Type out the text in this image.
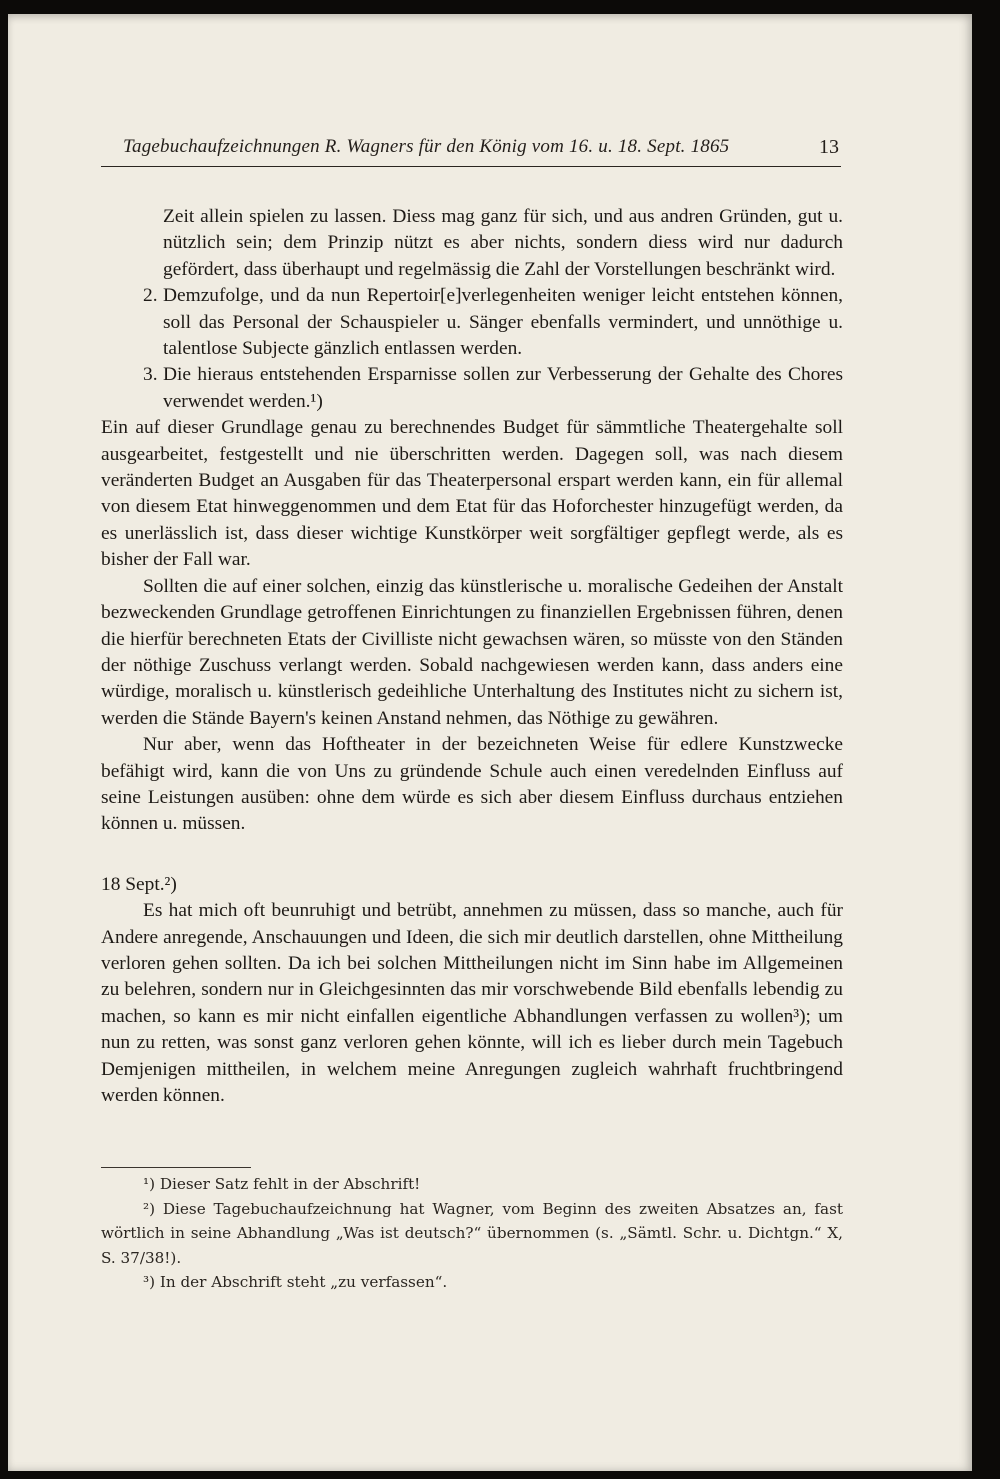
Tagebuchaufzeichnungen R. Wagners für den König vom 16. u. 18. Sept. 1865	13

Zeit allein spielen zu lassen. Diess mag ganz für sich, und aus andren Gründen, gut u. nützlich sein; dem Prinzip nützt es aber nichts, sondern diess wird nur dadurch gefördert, dass überhaupt und regelmässig die Zahl der Vorstellungen beschränkt wird.

2. Demzufolge, und da nun Repertoir[e]verlegenheiten weniger leicht entstehen können, soll das Personal der Schauspieler u. Sänger ebenfalls vermindert, und unnöthige u. talentlose Subjecte gänzlich entlassen werden.

3. Die hieraus entstehenden Ersparnisse sollen zur Verbesserung der Gehalte des Chores verwendet werden.¹)

Ein auf dieser Grundlage genau zu berechnendes Budget für sämmtliche Theatergehalte soll ausgearbeitet, festgestellt und nie überschritten werden. Dagegen soll, was nach diesem veränderten Budget an Ausgaben für das Theaterpersonal erspart werden kann, ein für allemal von diesem Etat hinweggenommen und dem Etat für das Hoforchester hinzugefügt werden, da es unerlässlich ist, dass dieser wichtige Kunstkörper weit sorgfältiger gepflegt werde, als es bisher der Fall war.

Sollten die auf einer solchen, einzig das künstlerische u. moralische Gedeihen der Anstalt bezweckenden Grundlage getroffenen Einrichtungen zu finanziellen Ergebnissen führen, denen die hierfür berechneten Etats der Civilliste nicht gewachsen wären, so müsste von den Ständen der nöthige Zuschuss verlangt werden. Sobald nachgewiesen werden kann, dass anders eine würdige, moralisch u. künstlerisch gedeihliche Unterhaltung des Institutes nicht zu sichern ist, werden die Stände Bayern's keinen Anstand nehmen, das Nöthige zu gewähren.

Nur aber, wenn das Hoftheater in der bezeichneten Weise für edlere Kunstzwecke befähigt wird, kann die von Uns zu gründende Schule auch einen veredelnden Einfluss auf seine Leistungen ausüben: ohne dem würde es sich aber diesem Einfluss durchaus entziehen können u. müssen.

18 Sept.²)

Es hat mich oft beunruhigt und betrübt, annehmen zu müssen, dass so manche, auch für Andere anregende, Anschauungen und Ideen, die sich mir deutlich darstellen, ohne Mittheilung verloren gehen sollten. Da ich bei solchen Mittheilungen nicht im Sinn habe im Allgemeinen zu belehren, sondern nur in Gleichgesinnten das mir vorschwebende Bild ebenfalls lebendig zu machen, so kann es mir nicht einfallen eigentliche Abhandlungen verfassen zu wollen³); um nun zu retten, was sonst ganz verloren gehen könnte, will ich es lieber durch mein Tagebuch Demjenigen mittheilen, in welchem meine Anregungen zugleich wahrhaft fruchtbringend werden können.

¹) Dieser Satz fehlt in der Abschrift!

²) Diese Tagebuchaufzeichnung hat Wagner, vom Beginn des zweiten Absatzes an, fast wörtlich in seine Abhandlung „Was ist deutsch?“ übernommen (s. „Sämtl. Schr. u. Dichtgn.“ X, S. 37/38!).

³) In der Abschrift steht „zu verfassen“.
